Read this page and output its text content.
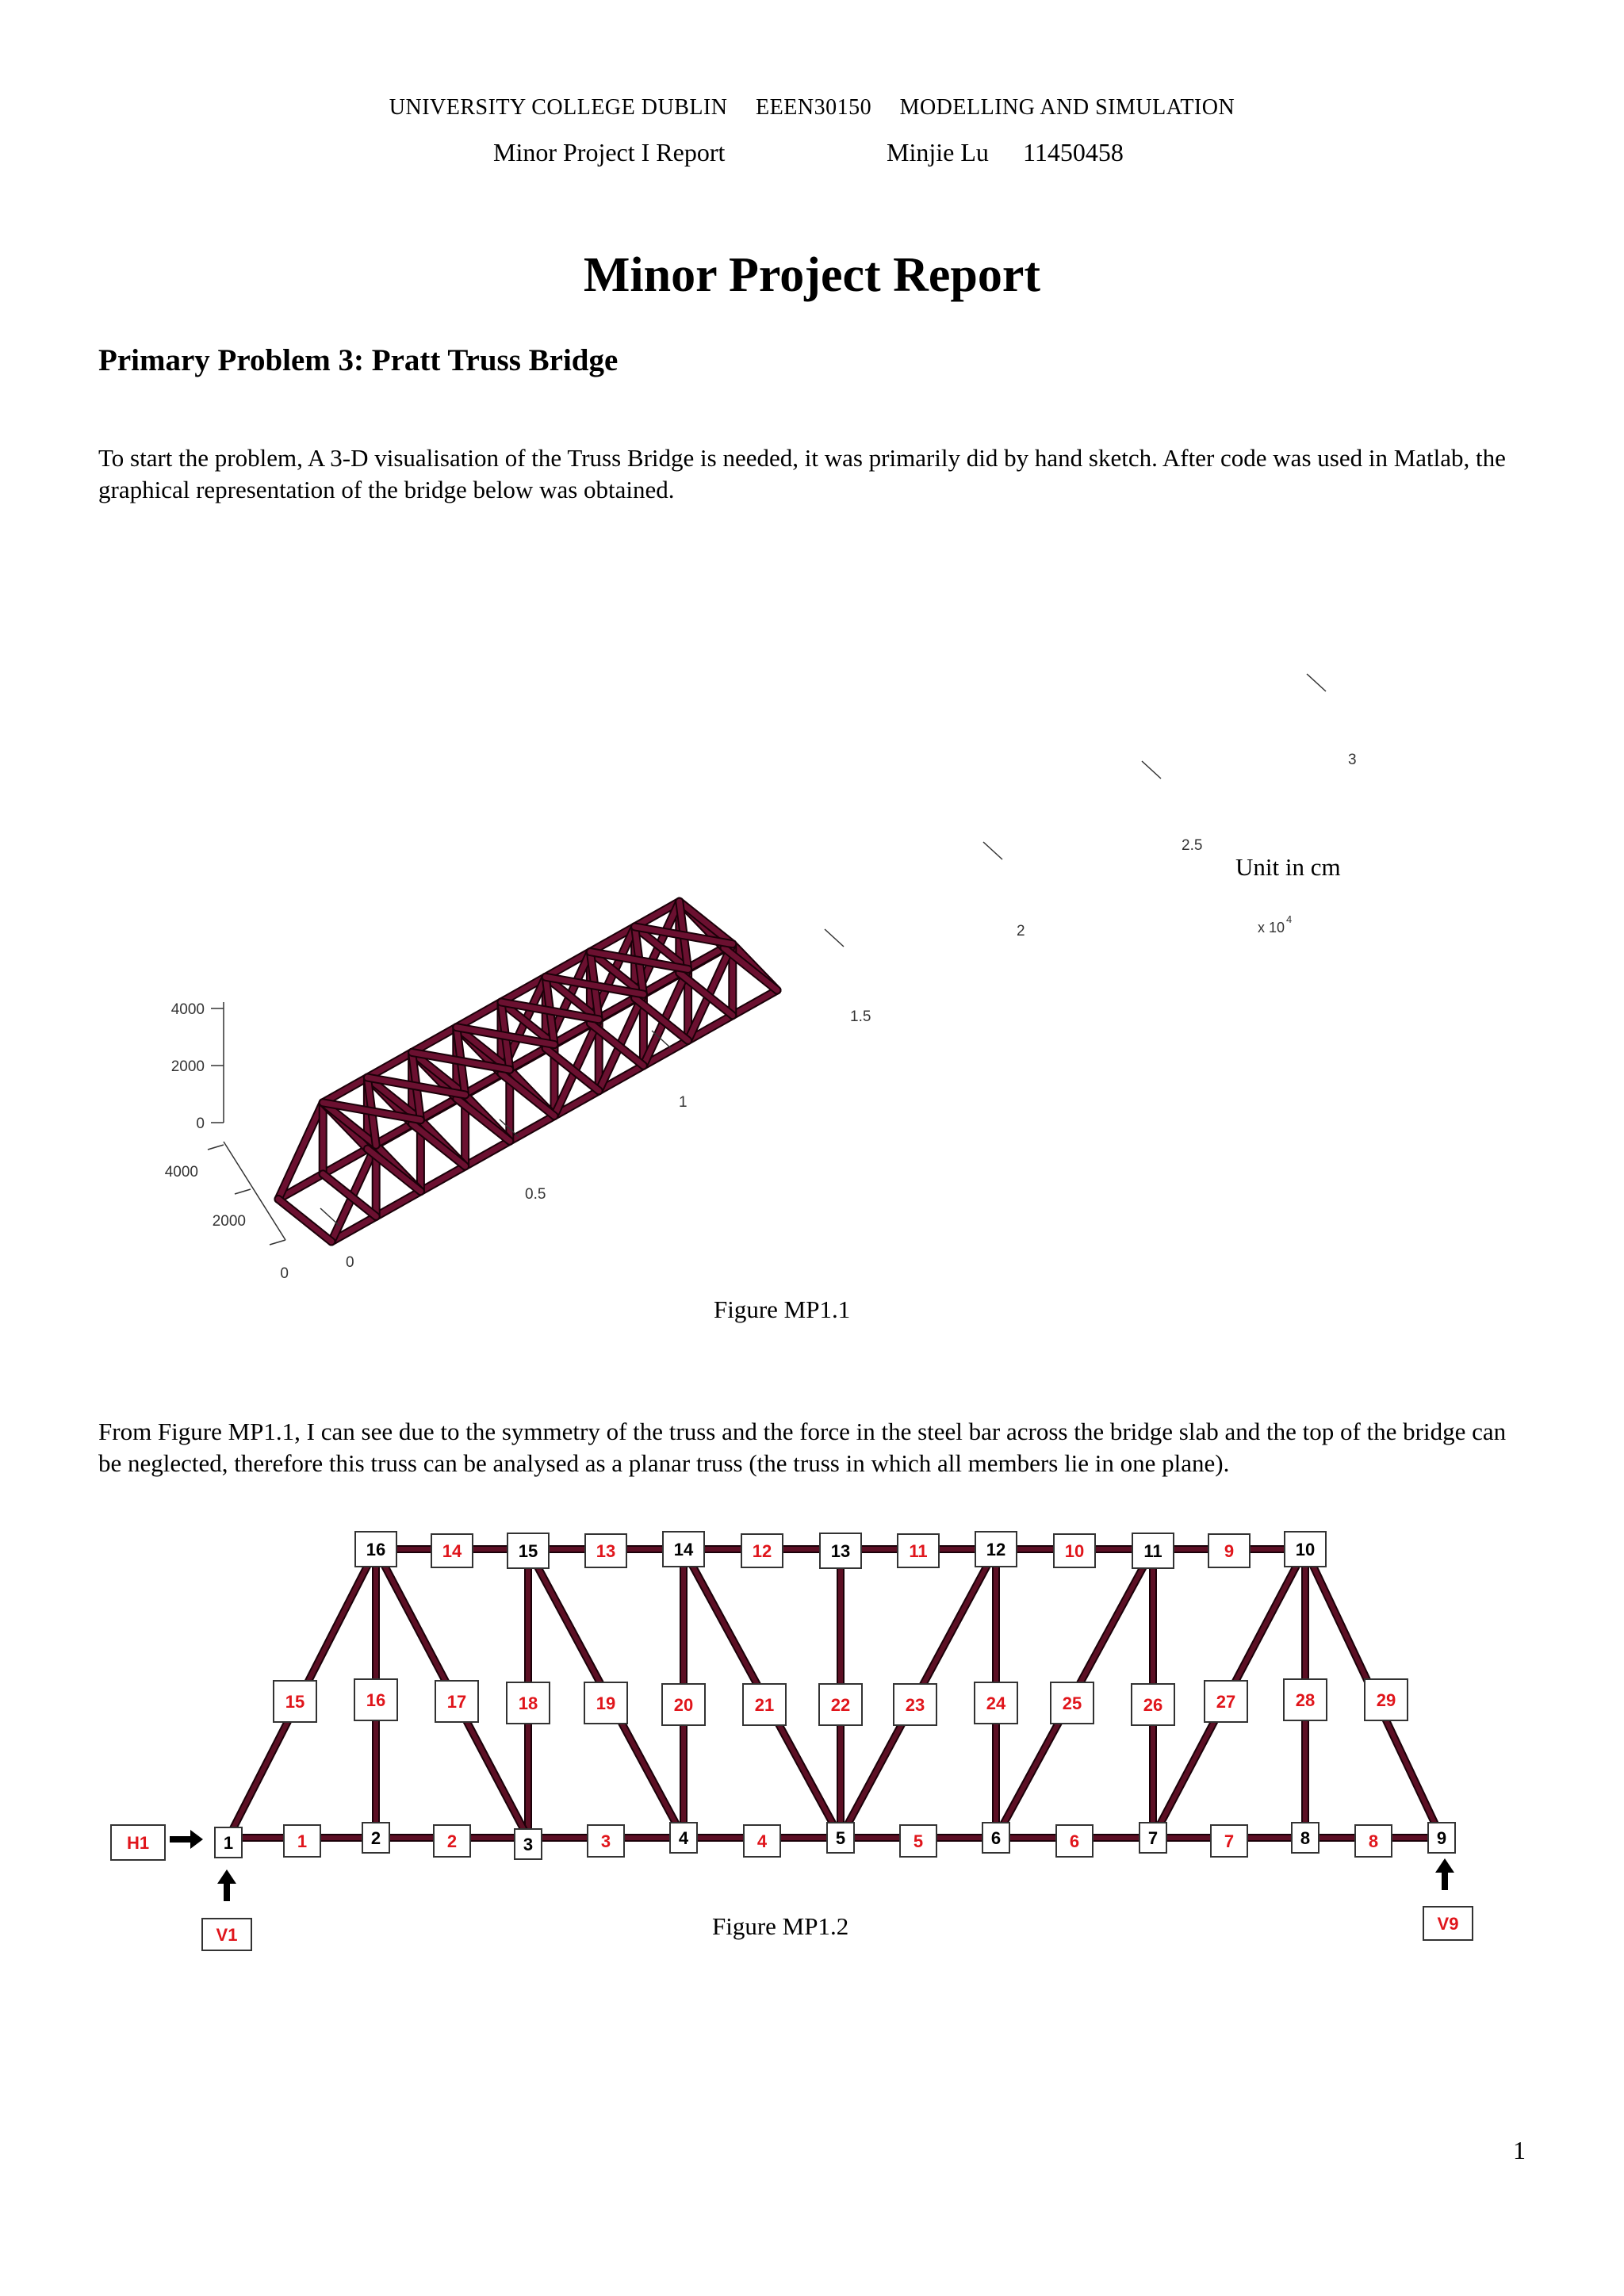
UNIVERSITY COLLEGE DUBLIN EEEN30150 MODELLING AND SIMULATION
Minor Project I Report	Minjie Lu 11450458
Minor Project Report
Primary Problem 3: Pratt Truss Bridge
To start the problem, A 3-D visualisation of the Truss Bridge is needed, it was primarily did by hand sketch. After code was used in Matlab, the graphical representation of the bridge below was obtained.
0
0.5
1
1.5
2
2.5
3
x 10
4
0
2000
4000
0
2000
4000
Unit in cm
Figure MP1.1
From Figure MP1.1, I can see due to the symmetry of the truss and the force in the steel bar across the bridge slab and the top of the bridge can be neglected, therefore this truss can be analysed as a planar truss (the truss in which all members lie in one plane).
1	2	3	4	5	6	7	8	9
16	15	14	13	12	11	10
1	2	3	4	5	6	7	8
14	13	12	11	10	9
15	16	17	18	19	20	21	22	23	24	25	26	27	28	29
H1
V1
V9
Figure MP1.2
1
